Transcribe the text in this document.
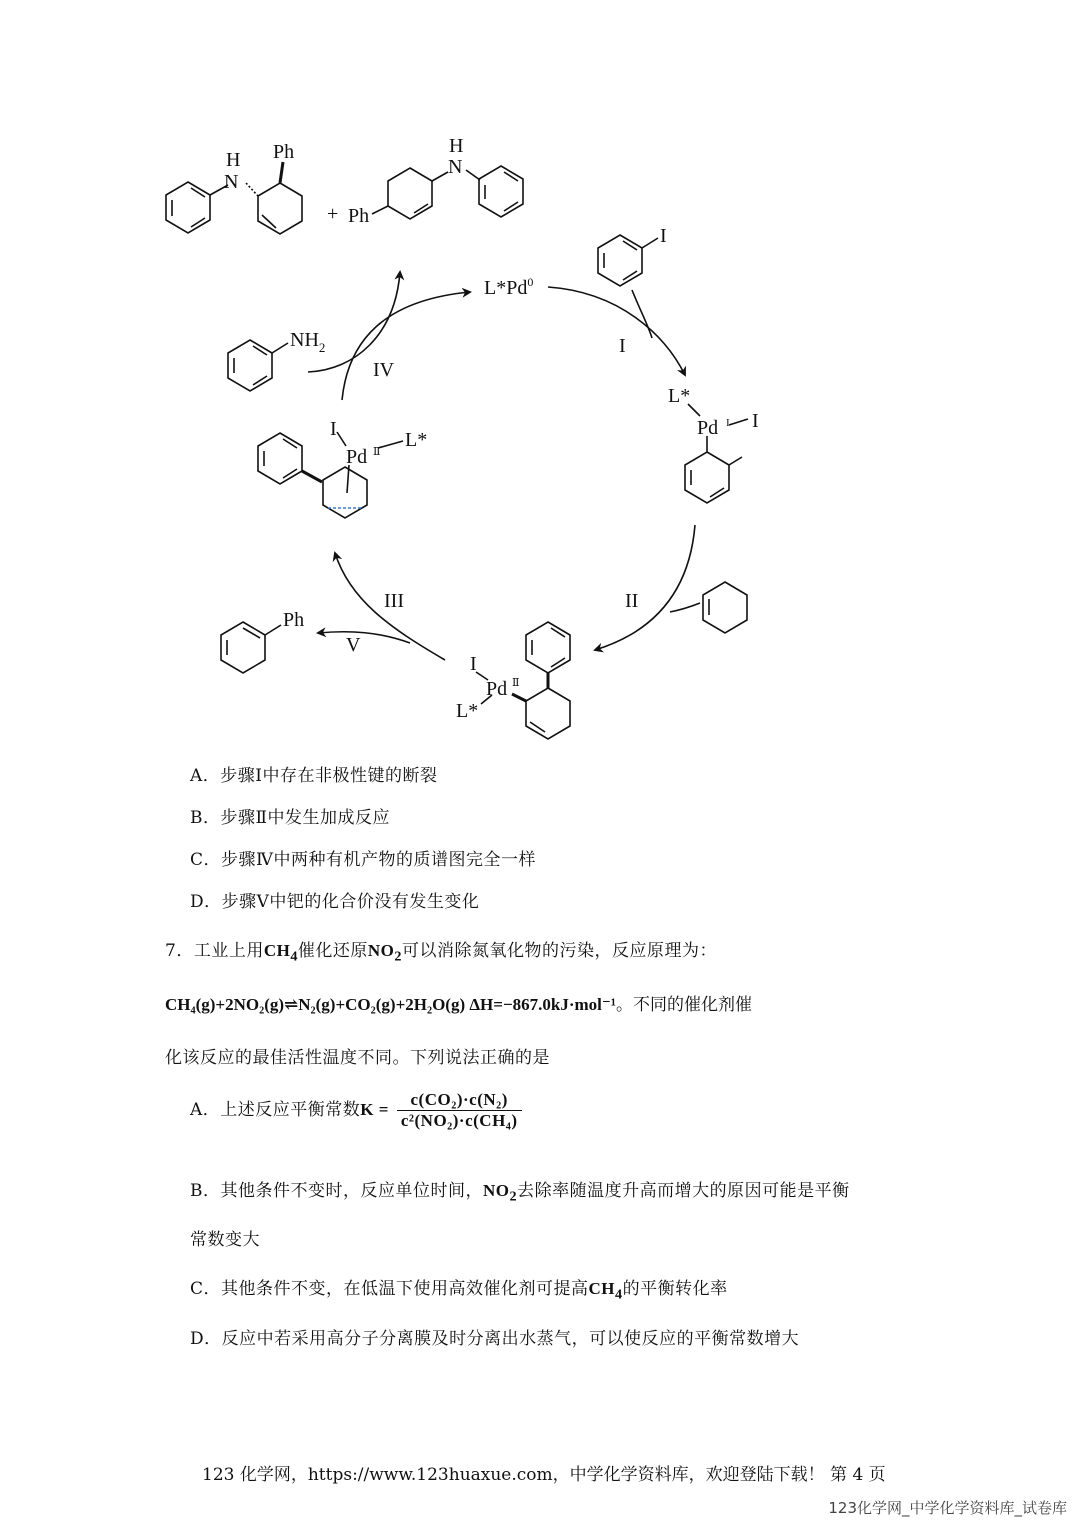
H
N
Ph
+ Ph
H
N
L*Pd$^0$
I
I
$NH_2$
IV
L*
Pd I I
I
Pd Ⅱ
L*
II
III
V
Ph
I
Pd Ⅱ
L*
A．步骤Ⅰ中存在非极性键的断裂
B．步骤Ⅱ中发生加成反应
C．步骤Ⅳ中两种有机产物的质谱图完全一样
D．步骤Ⅴ中钯的化合价没有发生变化
7．工业上用$CH_4$催化还原$NO_2$可以消除氮氧化物的污染，反应原理为：
CH₄(g)+2NO₂(g)⇌N₂(g)+CO₂(g)+2H₂O(g) ΔH=−867.0kJ·mol⁻¹。不同的催化剂催
化该反应的最佳活性温度不同。下列说法正确的是
A．上述反应平衡常数$K = \frac{\text{c(CO₂)·c(N₂)}}{\text{c²(NO₂)·c(CH₄)}}$
B．其他条件不变时，反应单位时间，$NO_2$去除率随温度升高而增大的原因可能是平衡
常数变大
C．其他条件不变，在低温下使用高效催化剂可提高$CH_4$的平衡转化率
D．反应中若采用高分子分离膜及时分离出水蒸气，可以使反应的平衡常数增大
123 化学网，https://www.123huaxue.com，中学化学资料库，欢迎登陆下载！ 第 4 页
123化学网_中学化学资料库_试卷库
